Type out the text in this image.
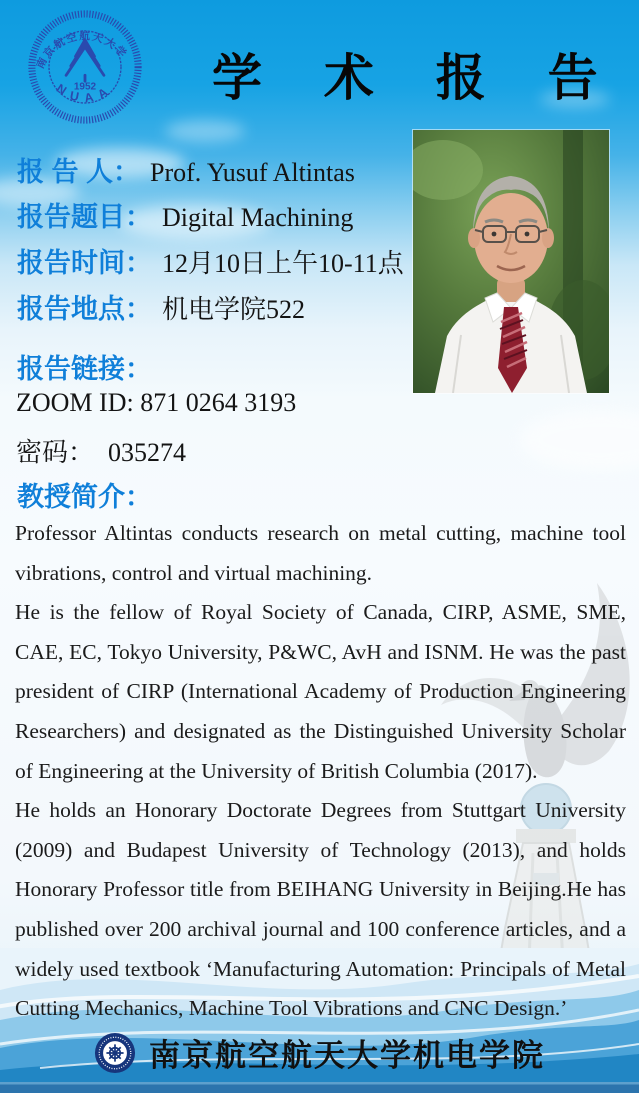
南京航空航天大学
1952
NUAA 学 术 报 告
报 告 人： Prof. Yusuf Altintas
报告题目： Digital Machining
报告时间： 12月10日上午10-11点
报告地点： 机电学院522
报告链接：
ZOOM ID: 871 0264 3193
密码： 035274
教授简介：

Professor Altintas conducts research on metal cutting, machine tool vibrations, control and virtual machining.

He is the fellow of Royal Society of Canada, CIRP, ASME, SME, CAE, EC, Tokyo University, P&WC, AvH and ISNM. He was the past president of CIRP (International Academy of Production Engineering Researchers) and designated as the Distinguished University Scholar of Engineering at the University of British Columbia (2017).

He holds an Honorary Doctorate Degrees from Stuttgart University (2009) and Budapest University of Technology (2013), and holds Honorary Professor title from BEIHANG University in Beijing.He has published over 200 archival journal and 100 conference articles, and a widely used textbook ‘Manufacturing Automation: Principals of Metal Cutting Mechanics, Machine Tool Vibrations and CNC Design.’

南京航空航天大学机电学院
